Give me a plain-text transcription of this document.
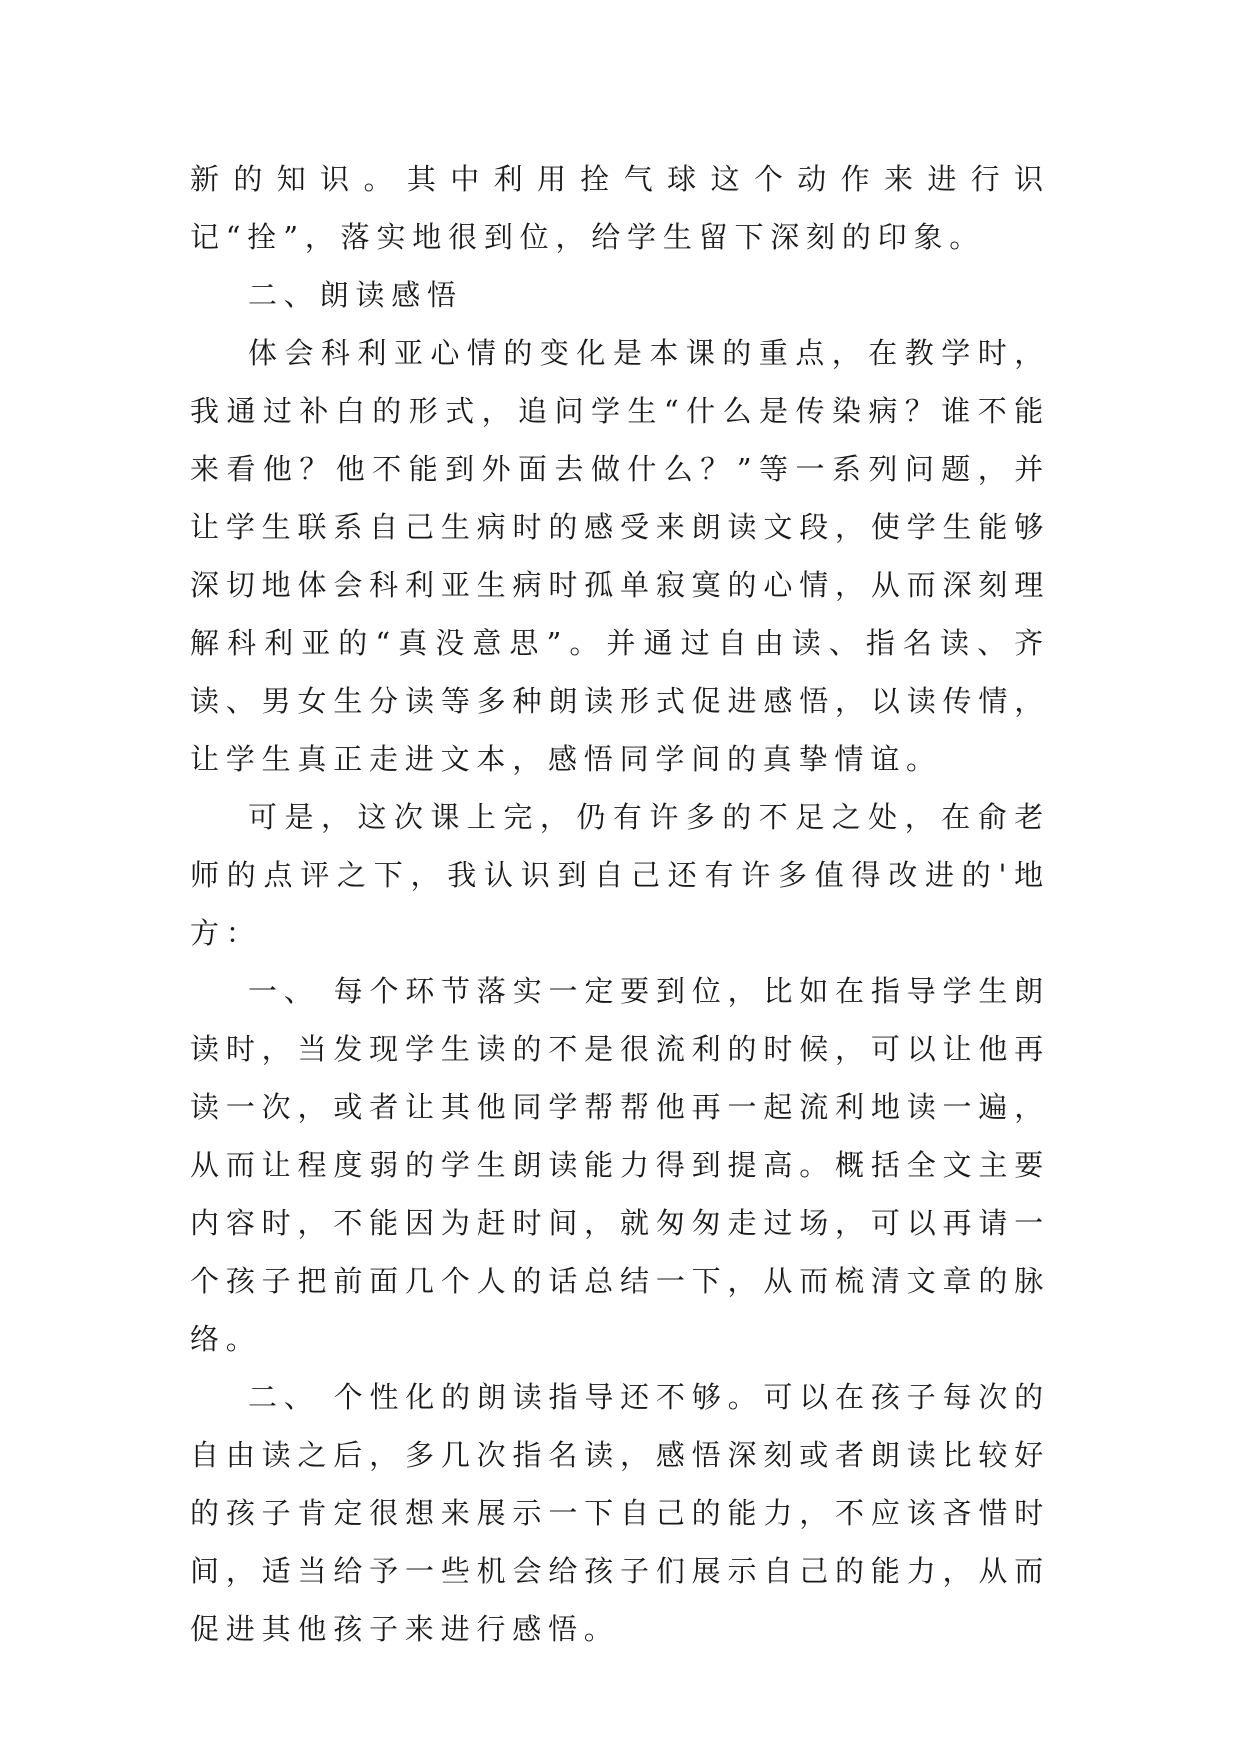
新的知识。其中利用拴气球这个动作来进行识记“拴”，落实地很到位，给学生留下深刻的印象。

二、朗读感悟

体会科利亚心情的变化是本课的重点，在教学时，我通过补白的形式，追问学生“什么是传染病？谁不能来看他？他不能到外面去做什么？”等一系列问题，并让学生联系自己生病时的感受来朗读文段，使学生能够深切地体会科利亚生病时孤单寂寞的心情，从而深刻理解科利亚的“真没意思”。并通过自由读、指名读、齐读、男女生分读等多种朗读形式促进感悟，以读传情，让学生真正走进文本，感悟同学间的真挚情谊。

可是，这次课上完，仍有许多的不足之处，在俞老师的点评之下，我认识到自己还有许多值得改进的'地方：

一、 每个环节落实一定要到位，比如在指导学生朗读时，当发现学生读的不是很流利的时候，可以让他再读一次，或者让其他同学帮帮他再一起流利地读一遍，从而让程度弱的学生朗读能力得到提高。概括全文主要内容时，不能因为赶时间，就匆匆走过场，可以再请一个孩子把前面几个人的话总结一下，从而梳清文章的脉络。

二、 个性化的朗读指导还不够。可以在孩子每次的自由读之后，多几次指名读，感悟深刻或者朗读比较好的孩子肯定很想来展示一下自己的能力，不应该吝惜时间，适当给予一些机会给孩子们展示自己的能力，从而促进其他孩子来进行感悟。
